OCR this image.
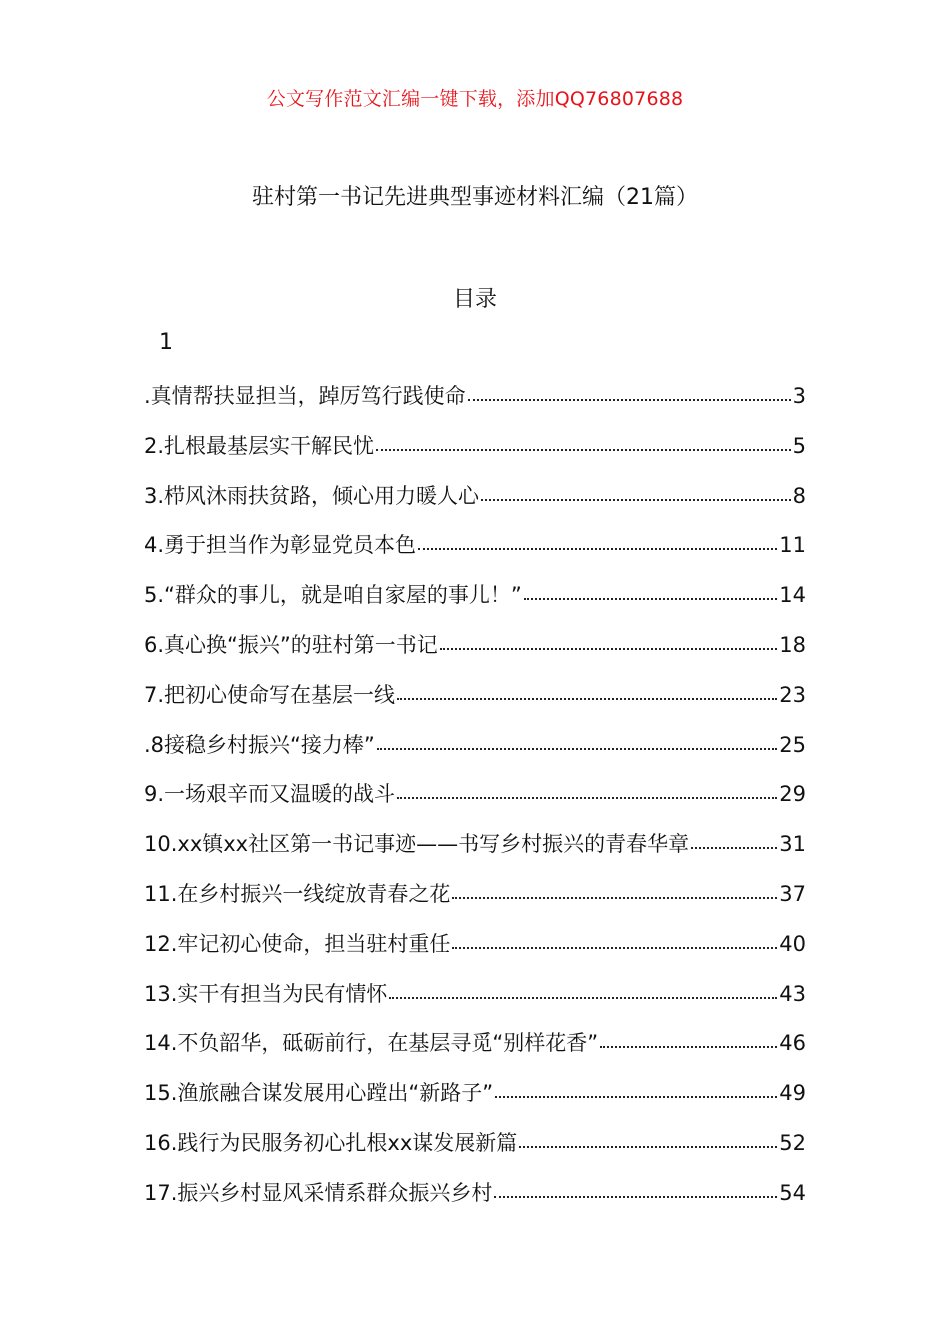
公文写作范文汇编一键下载，添加QQ76807688
驻村第一书记先进典型事迹材料汇编（21篇）
目录
1
.真情帮扶显担当，踔厉笃行践使命	3
2.扎根最基层实干解民忧	5
3.栉风沐雨扶贫路，倾心用力暖人心	8
4.勇于担当作为彰显党员本色	11
5.“群众的事儿，就是咱自家屋的事儿！”	14
6.真心换“振兴”的驻村第一书记	18
7.把初心使命写在基层一线	23
.8接稳乡村振兴“接力棒”	25
9.一场艰辛而又温暖的战斗	29
10.xx镇xx社区第一书记事迹——书写乡村振兴的青春华章	31
11.在乡村振兴一线绽放青春之花	37
12.牢记初心使命，担当驻村重任	40
13.实干有担当为民有情怀	43
14.不负韶华，砥砺前行，在基层寻觅“别样花香”	46
15.渔旅融合谋发展用心蹚出“新路子”	49
16.践行为民服务初心扎根xx谋发展新篇	52
17.振兴乡村显风采情系群众振兴乡村	54
